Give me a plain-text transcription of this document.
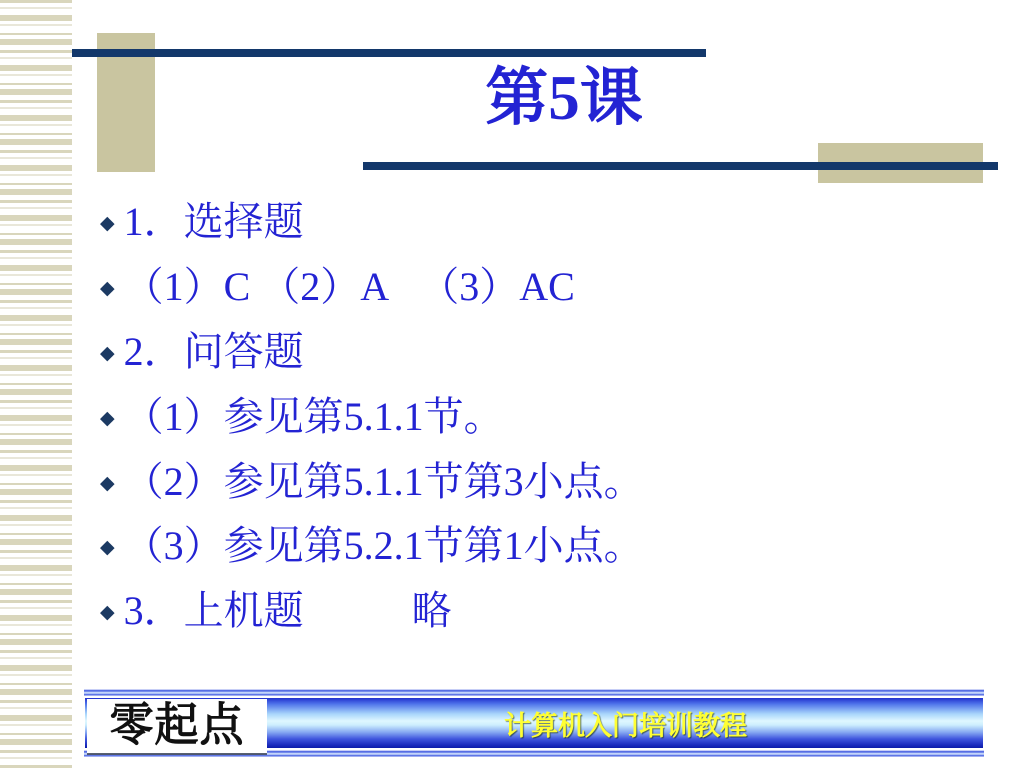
第5课
◆ 1．选择题
◆ （1）C （2）A （3）AC
◆ 2．问答题
◆ （1）参见第5.1.1节。
◆ （2）参见第5.1.1节第3小点。
◆ （3）参见第5.2.1节第1小点。
◆ 3．上机题	略
零起点	计算机入门培训教程
